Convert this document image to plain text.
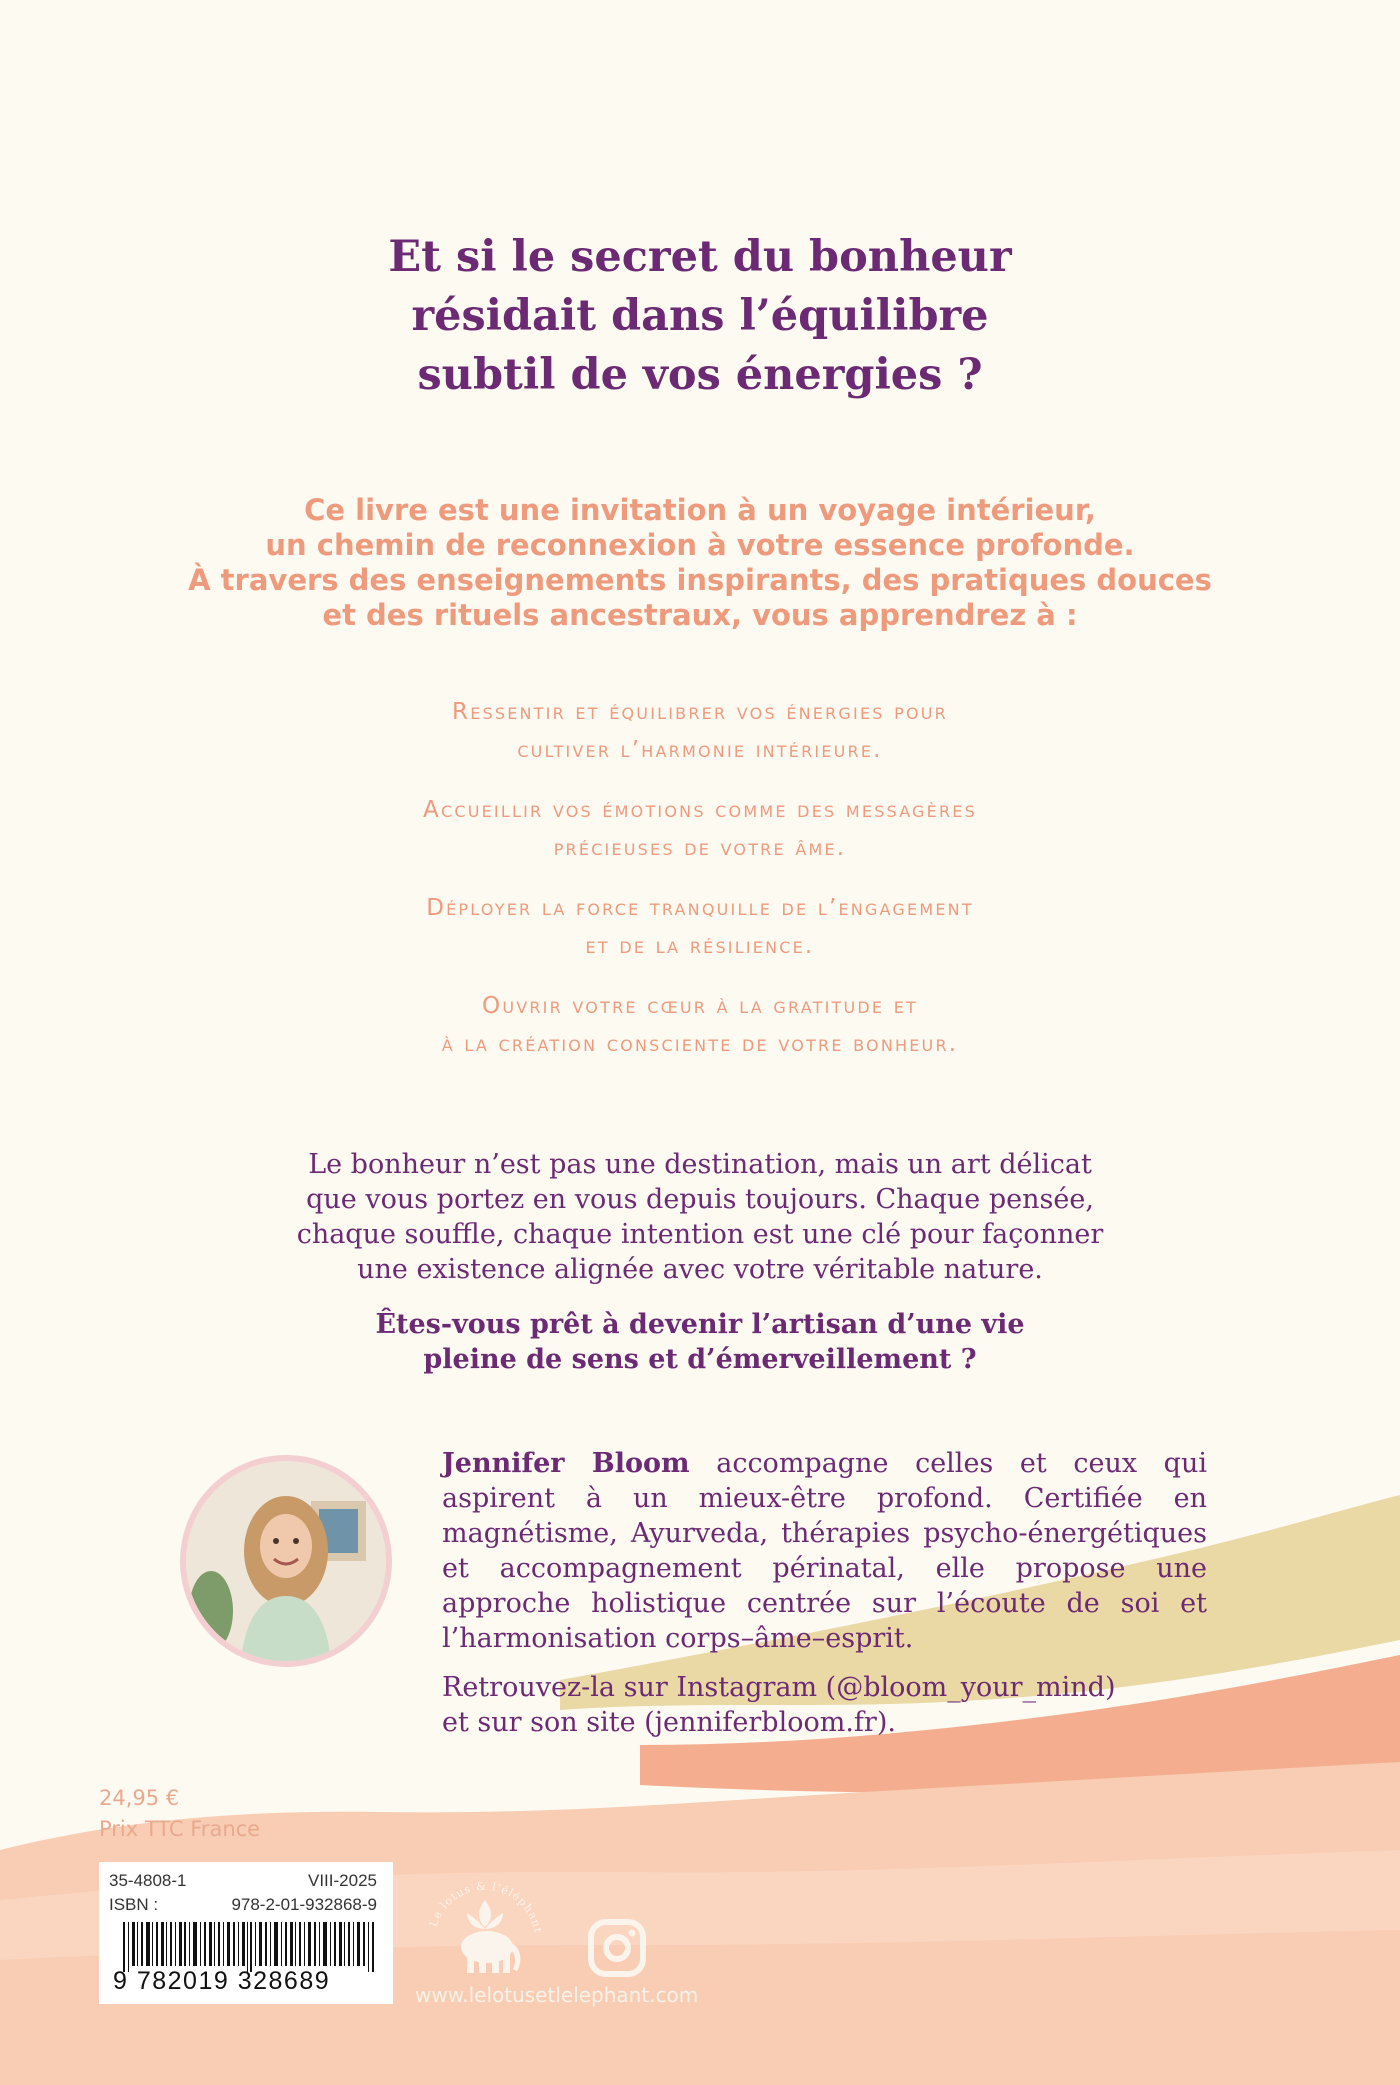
Et si le secret du bonheur
résidait dans l’équilibre
subtil de vos énergies ?
Ce livre est une invitation à un voyage intérieur,
un chemin de reconnexion à votre essence profonde.
À travers des enseignements inspirants, des pratiques douces
et des rituels ancestraux, vous apprendrez à :
Ressentir et équilibrer vos énergies pour
cultiver l’harmonie intérieure.
Accueillir vos émotions comme des messagères
précieuses de votre âme.
Déployer la force tranquille de l’engagement
et de la résilience.
Ouvrir votre cœur à la gratitude et
à la création consciente de votre bonheur.
Le bonheur n’est pas une destination, mais un art délicat
que vous portez en vous depuis toujours. Chaque pensée,
chaque souffle, chaque intention est une clé pour façonner
une existence alignée avec votre véritable nature.
Êtes-vous prêt à devenir l’artisan d’une vie
pleine de sens et d’émerveillement ?

Jennifer Bloom accompagne celles et ceux qui aspirent à un mieux-être profond. Certifiée en magnétisme, Ayurveda, thérapies psycho-énergétiques et accompagnement périnatal, elle propose une approche holistique centrée sur l’écoute de soi et l’harmonisation corps–âme–esprit.

Retrouvez-la sur Instagram (@bloom_your_mind)
et sur son site (jenniferbloom.fr).

24,95 €
Prix TTC France
35-4808-1	VIII-2025
ISBN :	978-2-01-932868-9
9 782019 328689
Le lotus & l’éléphant
www.lelotusetlelephant.com
